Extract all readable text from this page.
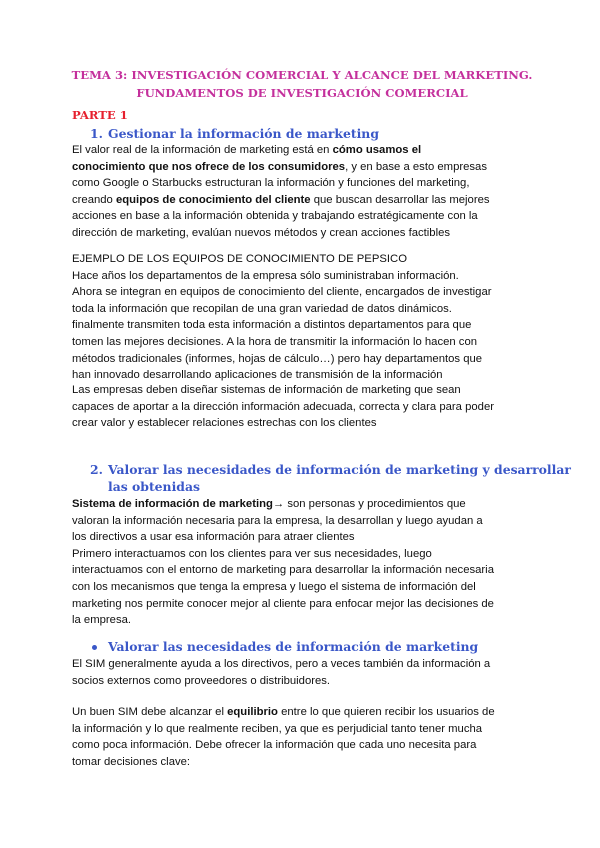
TEMA 3: INVESTIGACIÓN COMERCIAL Y ALCANCE DEL MARKETING.
FUNDAMENTOS DE INVESTIGACIÓN COMERCIAL
PARTE 1
1. Gestionar la información de marketing
El valor real de la información de marketing está en cómo usamos el
conocimiento que nos ofrece de los consumidores, y en base a esto empresas
como Google o Starbucks estructuran la información y funciones del marketing,
creando equipos de conocimiento del cliente que buscan desarrollar las mejores
acciones en base a la información obtenida y trabajando estratégicamente con la
dirección de marketing, evalúan nuevos métodos y crean acciones factibles
EJEMPLO DE LOS EQUIPOS DE CONOCIMIENTO DE PEPSICO
Hace años los departamentos de la empresa sólo suministraban información.
Ahora se integran en equipos de conocimiento del cliente, encargados de investigar
toda la información que recopilan de una gran variedad de datos dinámicos.
finalmente transmiten toda esta información a distintos departamentos para que
tomen las mejores decisiones. A la hora de transmitir la información lo hacen con
métodos tradicionales (informes, hojas de cálculo…) pero hay departamentos que
han innovado desarrollando aplicaciones de transmisión de la información
Las empresas deben diseñar sistemas de información de marketing que sean
capaces de aportar a la dirección información adecuada, correcta y clara para poder
crear valor y establecer relaciones estrechas con los clientes
2. Valorar las necesidades de información de marketing y desarrollar
las obtenidas
Sistema de información de marketing→ son personas y procedimientos que
valoran la información necesaria para la empresa, la desarrollan y luego ayudan a
los directivos a usar esa información para atraer clientes
Primero interactuamos con los clientes para ver sus necesidades, luego
interactuamos con el entorno de marketing para desarrollar la información necesaria
con los mecanismos que tenga la empresa y luego el sistema de información del
marketing nos permite conocer mejor al cliente para enfocar mejor las decisiones de
la empresa.
Valorar las necesidades de información de marketing
El SIM generalmente ayuda a los directivos, pero a veces también da información a
socios externos como proveedores o distribuidores.
Un buen SIM debe alcanzar el equilibrio entre lo que quieren recibir los usuarios de
la información y lo que realmente reciben, ya que es perjudicial tanto tener mucha
como poca información. Debe ofrecer la información que cada uno necesita para
tomar decisiones clave:
